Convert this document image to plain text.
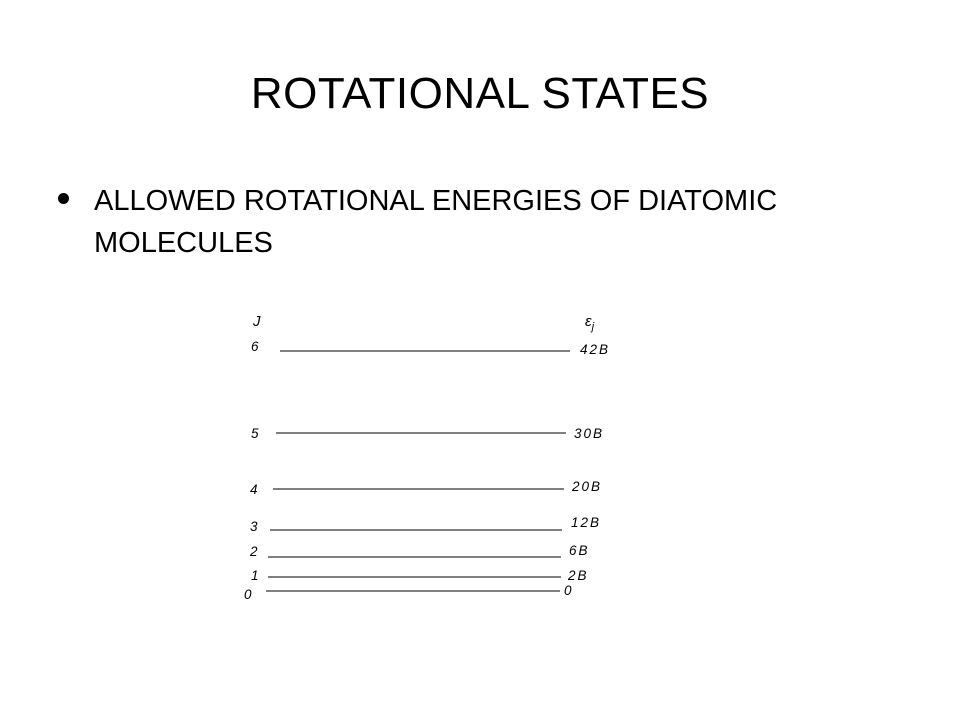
ROTATIONAL STATES
ALLOWED ROTATIONAL ENERGIES OF DIATOMIC MOLECULES
J	$\varepsilon_j$
6	42B
5	30B
4	20B
3	12B
2	6B
1	2B
0	0
